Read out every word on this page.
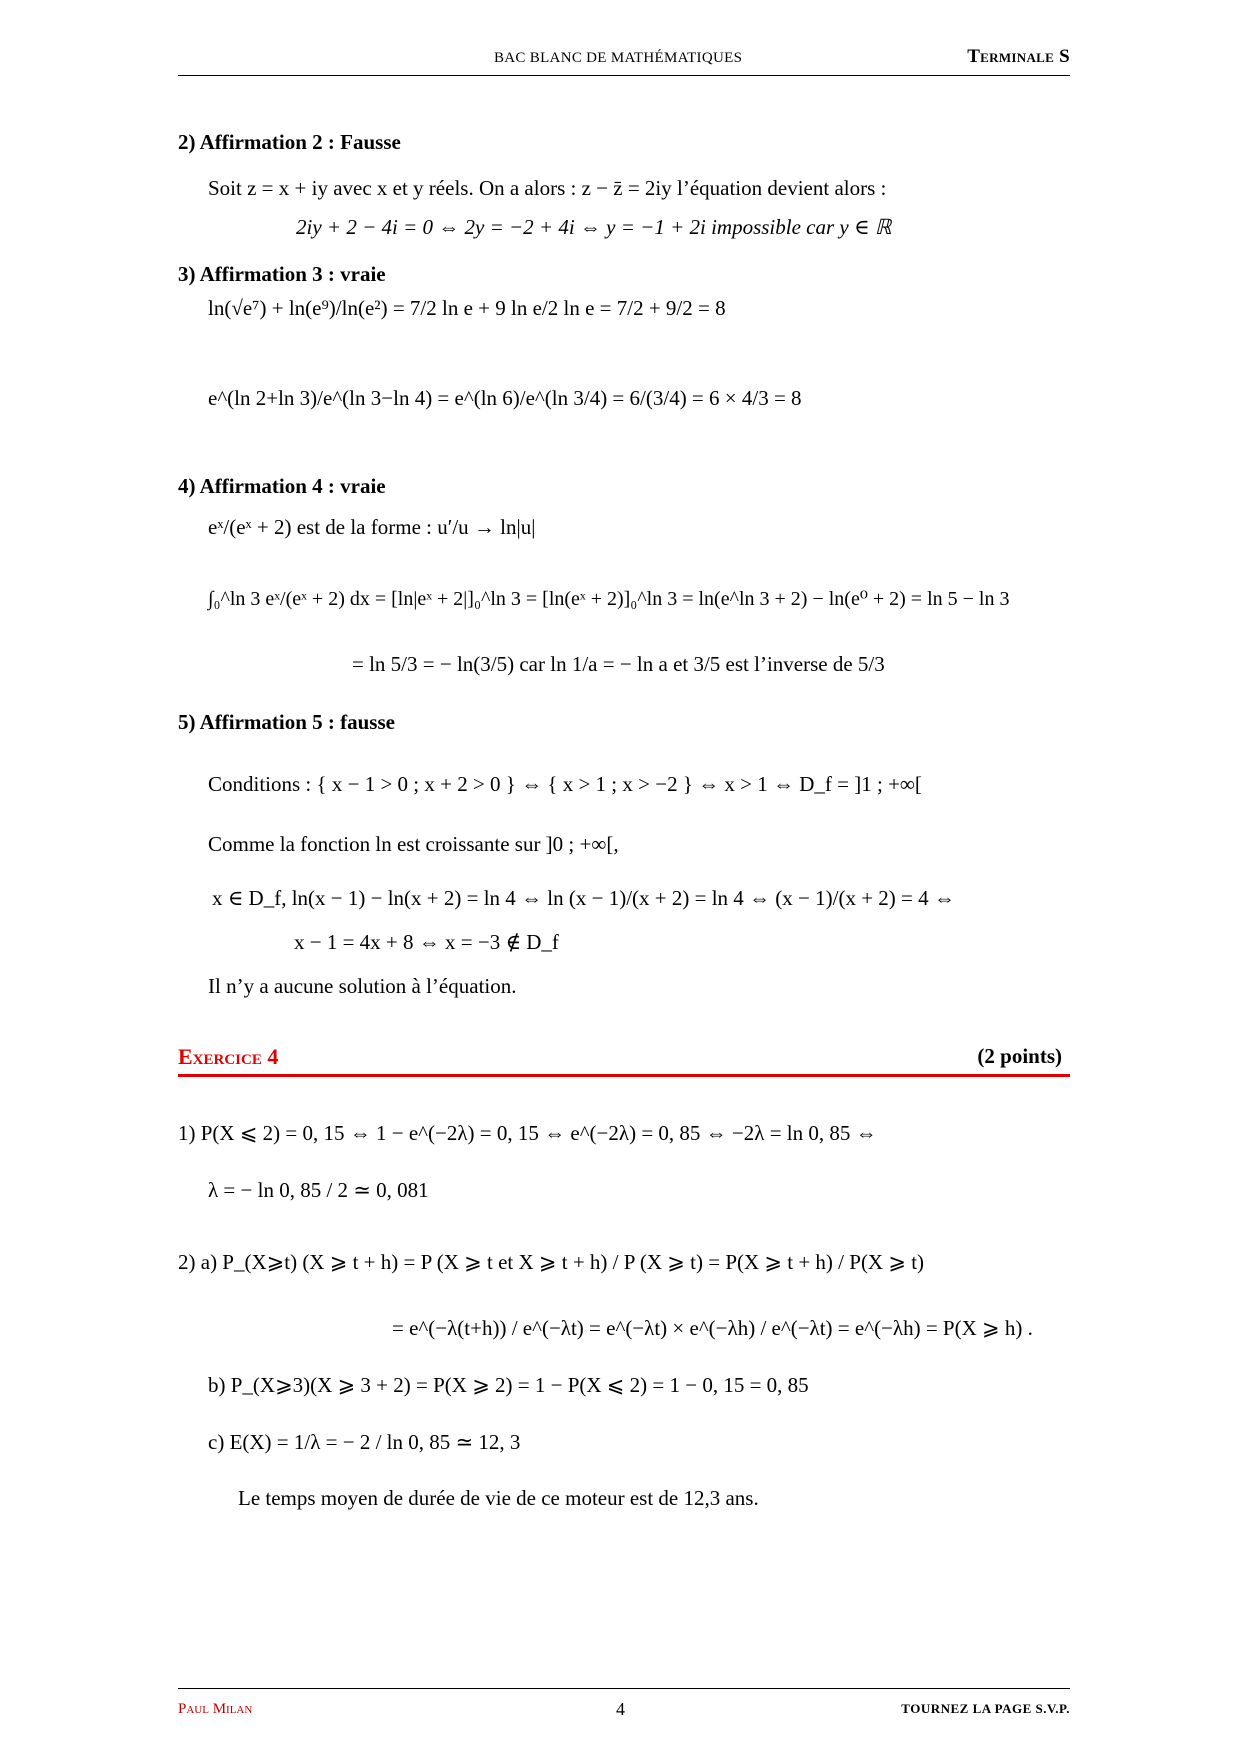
BAC BLANC DE MATHÉMATIQUES	Terminale S
2) Affirmation 2 : Fausse
Soit z = x + iy avec x et y réels. On a alors : z − z̄ = 2iy l’équation devient alors :
2iy + 2 − 4i = 0 ⇔ 2y = −2 + 4i ⇔ y = −1 + 2i impossible car y ∈ ℝ
3) Affirmation 3 : vraie
ln(√e⁷) + ln(e⁹)/ln(e²) = 7/2 ln e + 9 ln e/2 ln e = 7/2 + 9/2 = 8
e^(ln 2+ln 3)/e^(ln 3−ln 4) = e^(ln 6)/e^(ln 3/4) = 6/(3/4) = 6 × 4/3 = 8
4) Affirmation 4 : vraie
eˣ/(eˣ + 2) est de la forme : u′/u → ln|u|
∫₀^ln 3 eˣ/(eˣ + 2) dx = [ln|eˣ + 2|]₀^ln 3 = [ln(eˣ + 2)]₀^ln 3 = ln(e^ln 3 + 2) − ln(e⁰ + 2) = ln 5 − ln 3
= ln 5/3 = − ln(3/5) car ln 1/a = − ln a et 3/5 est l’inverse de 5/3
5) Affirmation 5 : fausse
Conditions : { x − 1 > 0 ; x + 2 > 0 } ⇔ { x > 1 ; x > −2 } ⇔ x > 1 ⇔ D_f = ]1 ; +∞[
Comme la fonction ln est croissante sur ]0 ; +∞[,
x ∈ D_f, ln(x − 1) − ln(x + 2) = ln 4 ⇔ ln (x − 1)/(x + 2) = ln 4 ⇔ (x − 1)/(x + 2) = 4 ⇔
x − 1 = 4x + 8 ⇔ x = −3 ∉ D_f
Il n’y a aucune solution à l’équation.
Exercice 4	(2 points)
1) P(X ⩽ 2) = 0, 15 ⇔ 1 − e^(−2λ) = 0, 15 ⇔ e^(−2λ) = 0, 85 ⇔ −2λ = ln 0, 85 ⇔
λ = − ln 0, 85 / 2 ≃ 0, 081
2) a) P_(X⩾t) (X ⩾ t + h) = P (X ⩾ t et X ⩾ t + h) / P (X ⩾ t) = P(X ⩾ t + h) / P(X ⩾ t)
= e^(−λ(t+h)) / e^(−λt) = e^(−λt) × e^(−λh) / e^(−λt) = e^(−λh) = P(X ⩾ h) .
b) P_(X⩾3)(X ⩾ 3 + 2) = P(X ⩾ 2) = 1 − P(X ⩽ 2) = 1 − 0, 15 = 0, 85
c) E(X) = 1/λ = − 2 / ln 0, 85 ≃ 12, 3
Le temps moyen de durée de vie de ce moteur est de 12,3 ans.
Paul Milan	4	TOURNEZ LA PAGE S.V.P.
